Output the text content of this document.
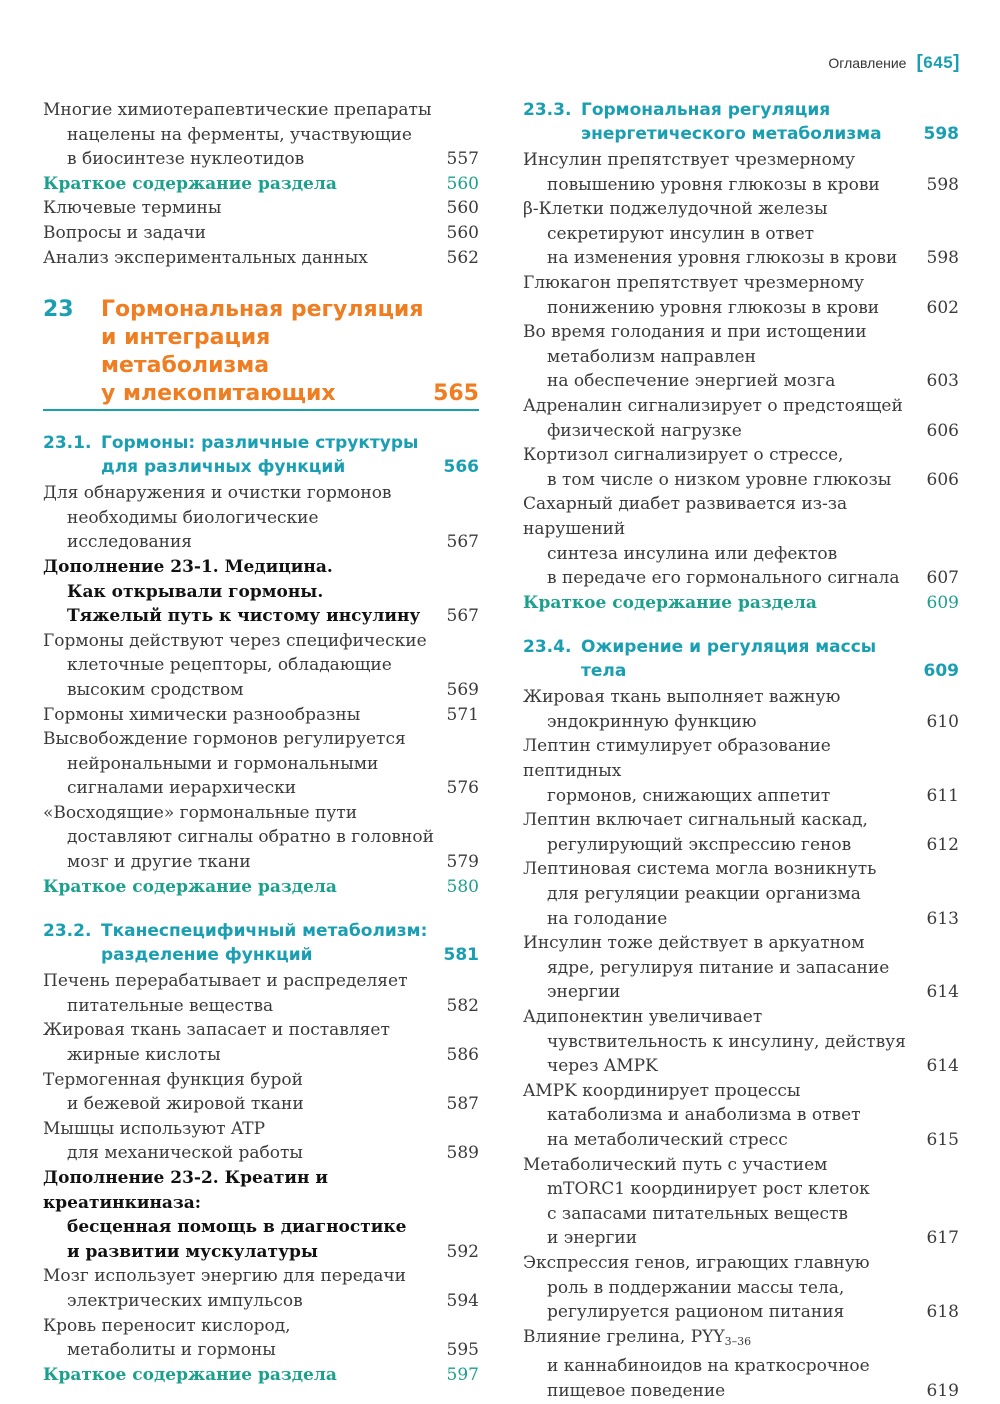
Оглавление [645]
Многие химиотерапевтические препараты
нацелены на ферменты, участвующие
в биосинтезе нуклеотидов	557
Краткое содержание раздела	560
Ключевые термины	560
Вопросы и задачи	560
Анализ экспериментальных данных	562
23	Гормональная регуляция
и интеграция метаболизма
у млекопитающих	565
23.1. Гормоны: различные структуры
для различных функций	566
Для обнаружения и очистки гормонов
необходимы биологические исследования	567
Дополнение 23-1. Медицина.
Как открывали гормоны.
Тяжелый путь к чистому инсулину	567
Гормоны действуют через специфические
клеточные рецепторы, обладающие
высоким сродством	569
Гормоны химически разнообразны	571
Высвобождение гормонов регулируется
нейрональными и гормональными
сигналами иерархически	576
«Восходящие» гормональные пути
доставляют сигналы обратно в головной
мозг и другие ткани	579
Краткое содержание раздела	580
23.2. Тканеспецифичный метаболизм:
разделение функций	581
Печень перерабатывает и распределяет
питательные вещества	582
Жировая ткань запасает и поставляет
жирные кислоты	586
Термогенная функция бурой
и бежевой жировой ткани	587
Мышцы используют ATP
для механической работы	589
Дополнение 23-2. Креатин и креатинкиназа:
бесценная помощь в диагностике
и развитии мускулатуры	592
Мозг использует энергию для передачи
электрических импульсов	594
Кровь переносит кислород,
метаболиты и гормоны	595
Краткое содержание раздела	597
23.3. Гормональная регуляция
энергетического метаболизма 598
Инсулин препятствует чрезмерному
повышению уровня глюкозы в крови	598
β-Клетки поджелудочной железы
секретируют инсулин в ответ
на изменения уровня глюкозы в крови	598
Глюкагон препятствует чрезмерному
понижению уровня глюкозы в крови	602
Во время голодания и при истощении
метаболизм направлен
на обеспечение энергией мозга	603
Адреналин сигнализирует о предстоящей
физической нагрузке	606
Кортизол сигнализирует о стрессе,
в том числе о низком уровне глюкозы	606
Сахарный диабет развивается из-за нарушений
синтеза инсулина или дефектов
в передаче его гормонального сигнала	607
Краткое содержание раздела	609
23.4. Ожирение и регуляция массы тела	609
Жировая ткань выполняет важную
эндокринную функцию	610
Лептин стимулирует образование пептидных
гормонов, снижающих аппетит	611
Лептин включает сигнальный каскад,
регулирующий экспрессию генов	612
Лептиновая система могла возникнуть
для регуляции реакции организма
на голодание	613
Инсулин тоже действует в аркуатном
ядре, регулируя питание и запасание
энергии	614
Адипонектин увеличивает
чувствительность к инсулину, действуя
через AMPK	614
AMPK координирует процессы
катаболизма и анаболизма в ответ
на метаболический стресс	615
Метаболический путь с участием
mTORC1 координирует рост клеток
с запасами питательных веществ
и энергии	617
Экспрессия генов, играющих главную
роль в поддержании массы тела,
регулируется рационом питания	618
Влияние грелина, $PYY_{3-36}$
и каннабиноидов на краткосрочное
пищевое поведение	619
